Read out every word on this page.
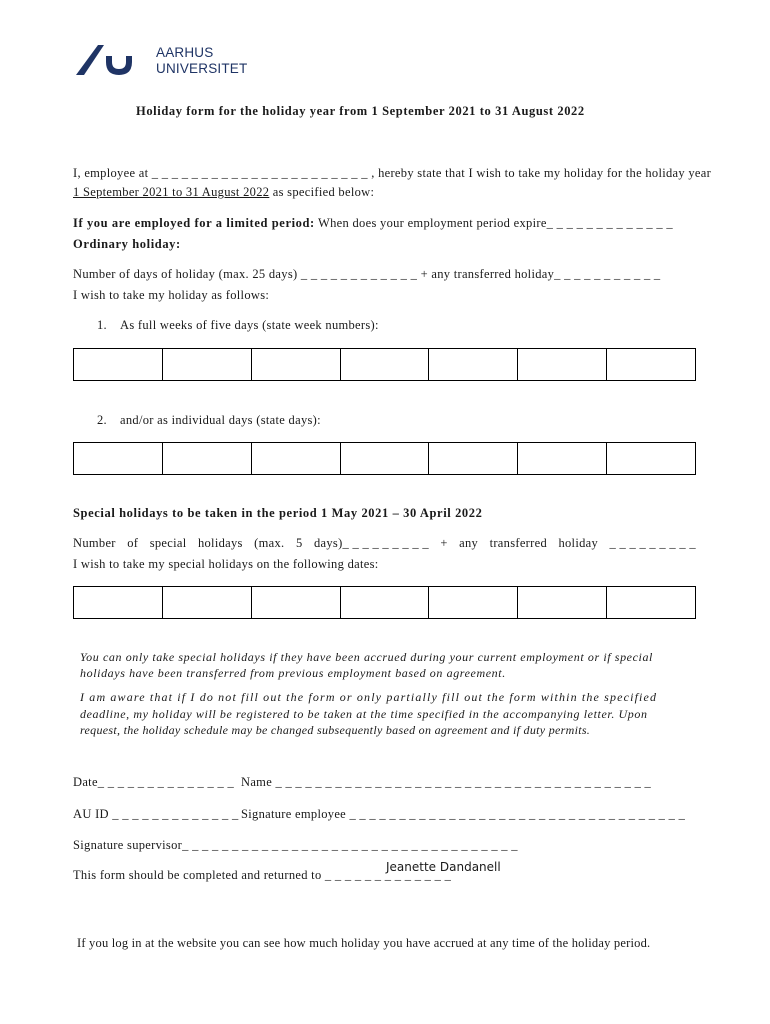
AARHUS
UNIVERSITET
Holiday form for the holiday year from 1 September 2021 to 31 August 2022
I, employee at _ _ _ _ _ _ _ _ _ _ _ _ _ _ _ _ _ _ _ _ _ _ , hereby state that I wish to take my holiday for the holiday year
1 September 2021 to 31 August 2022 as specified below:
If you are employed for a limited period: When does your employment period expire_ _ _ _ _ _ _ _ _ _ _ _ _
Ordinary holiday:
Number of days of holiday (max. 25 days) _ _ _ _ _ _ _ _ _ _ _ _ + any transferred holiday_ _ _ _ _ _ _ _ _ _ _
I wish to take my holiday as follows:
1. As full weeks of five days (state week numbers):

2. and/or as individual days (state days):

Special holidays to be taken in the period 1 May 2021 – 30 April 2022
Number of special holidays (max. 5 days)_ _ _ _ _ _ _ _ _ + any transferred holiday _ _ _ _ _ _ _ _ _
I wish to take my special holidays on the following dates:

You can only take special holidays if they have been accrued during your current employment or if special
holidays have been transferred from previous employment based on agreement.
I am aware that if I do not fill out the form or only partially fill out the form within the specified
deadline, my holiday will be registered to be taken at the time specified in the accompanying letter. Upon
request, the holiday schedule may be changed subsequently based on agreement and if duty permits.
Date_ _ _ _ _ _ _ _ _ _ _ _ _ _ Name _ _ _ _ _ _ _ _ _ _ _ _ _ _ _ _ _ _ _ _ _ _ _ _ _ _ _ _ _ _ _ _ _ _ _ _ _ _
AU ID _ _ _ _ _ _ _ _ _ _ _ _ _ Signature employee _ _ _ _ _ _ _ _ _ _ _ _ _ _ _ _ _ _ _ _ _ _ _ _ _ _ _ _ _ _ _ _ _ _
Signature supervisor_ _ _ _ _ _ _ _ _ _ _ _ _ _ _ _ _ _ _ _ _ _ _ _ _ _ _ _ _ _ _ _ _ _
This form should be completed and returned to _ _ _ _ _ _ _ _ _ _ _ _ _
Jeanette Dandanell
If you log in at the website you can see how much holiday you have accrued at any time of the holiday period.
